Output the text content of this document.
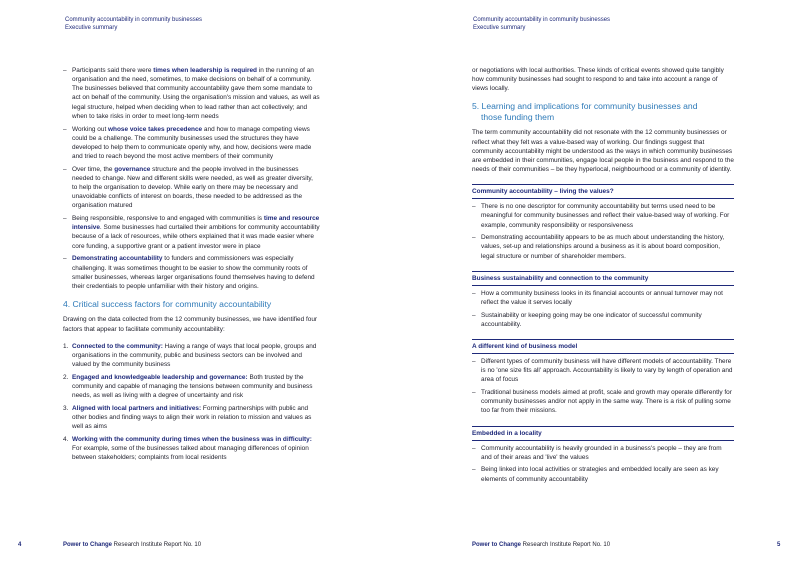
Community accountability in community businesses
Executive summary
– Participants said there were times when leadership is required in the running of an organisation and the need, sometimes, to make decisions on behalf of a community. The businesses believed that community accountability gave them some mandate to act on behalf of the community. Using the organisation's mission and values, as well as legal structure, helped when deciding when to lead rather than act collectively; and when to take risks in order to meet long-term needs
– Working out whose voice takes precedence and how to manage competing views could be a challenge. The community businesses used the structures they have developed to help them to communicate openly why, and how, decisions were made and tried to reach beyond the most active members of their community
– Over time, the governance structure and the people involved in the businesses needed to change. New and different skills were needed, as well as greater diversity, to help the organisation to develop. While early on there may be necessary and unavoidable conflicts of interest on boards, these needed to be addressed as the organisation matured
– Being responsible, responsive to and engaged with communities is time and resource intensive. Some businesses had curtailed their ambitions for community accountability because of a lack of resources, while others explained that it was made easier where core funding, a supportive grant or a patient investor were in place
– Demonstrating accountability to funders and commissioners was especially challenging. It was sometimes thought to be easier to show the community roots of smaller businesses, whereas larger organisations found themselves having to defend their credentials to people unfamiliar with their history and origins.
4. Critical success factors for community accountability

Drawing on the data collected from the 12 community businesses, we have identified four factors that appear to facilitate community accountability:

1. Connected to the community: Having a range of ways that local people, groups and organisations in the community, public and business sectors can be involved and valued by the community business
2. Engaged and knowledgeable leadership and governance: Both trusted by the community and capable of managing the tensions between community and business needs, as well as living with a degree of uncertainty and risk
3. Aligned with local partners and initiatives: Forming partnerships with public and other bodies and finding ways to align their work in relation to mission and values as well as aims
4. Working with the community during times when the business was in difficulty: For example, some of the businesses talked about managing differences of opinion between stakeholders; complaints from local residents
4	Power to Change Research Institute Report No. 10
Community accountability in community businesses
Executive summary

or negotiations with local authorities. These kinds of critical events showed quite tangibly how community businesses had sought to respond to and take into account a range of views locally.

5. Learning and implications for community businesses and
those funding them

The term community accountability did not resonate with the 12 community businesses or reflect what they felt was a value-based way of working. Our findings suggest that community accountability might be understood as the ways in which community businesses are embedded in their communities, engage local people in the business and respond to the needs of their communities – be they hyperlocal, neighbourhood or a community of identity.

Community accountability – living the values?
– There is no one descriptor for community accountability but terms used need to be meaningful for community businesses and reflect their value-based way of working. For example, community responsibility or responsiveness
– Demonstrating accountability appears to be as much about understanding the history, values, set-up and relationships around a business as it is about board composition, legal structure or number of shareholder members.
Business sustainability and connection to the community
– How a community business looks in its financial accounts or annual turnover may not reflect the value it serves locally
– Sustainability or keeping going may be one indicator of successful community accountability.
A different kind of business model
– Different types of community business will have different models of accountability. There is no 'one size fits all' approach. Accountability is likely to vary by length of operation and area of focus
– Traditional business models aimed at profit, scale and growth may operate differently for community businesses and/or not apply in the same way. There is a risk of pulling some too far from their missions.
Embedded in a locality
– Community accountability is heavily grounded in a business's people – they are from and of their areas and 'live' the values
– Being linked into local activities or strategies and embedded locally are seen as key elements of community accountability
Power to Change Research Institute Report No. 10	5
